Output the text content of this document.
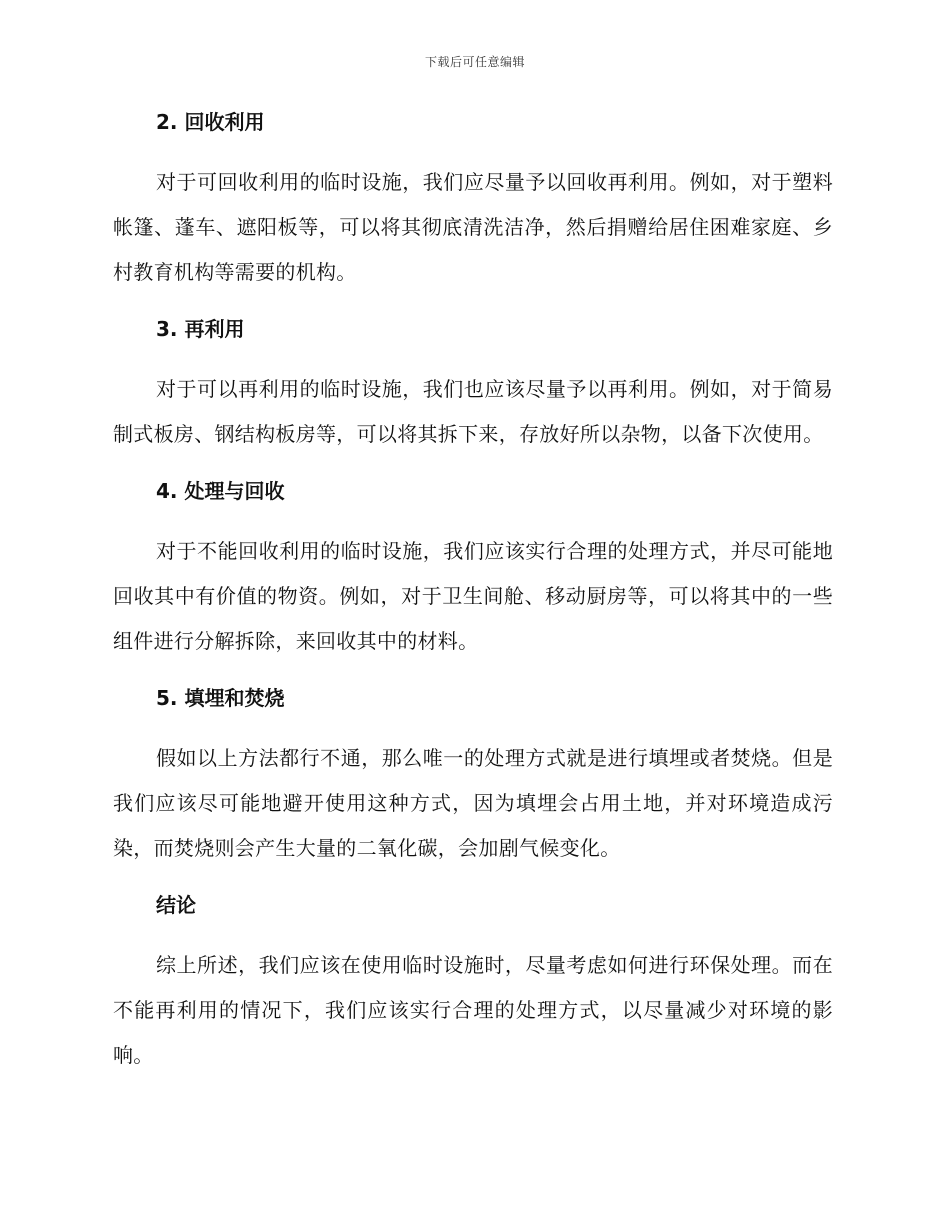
下载后可任意编辑
2. 回收利用

对于可回收利用的临时设施，我们应尽量予以回收再利用。例如，对于塑料帐篷、蓬车、遮阳板等，可以将其彻底清洗洁净，然后捐赠给居住困难家庭、乡村教育机构等需要的机构。

3. 再利用

对于可以再利用的临时设施，我们也应该尽量予以再利用。例如，对于简易制式板房、钢结构板房等，可以将其拆下来，存放好所以杂物，以备下次使用。

4. 处理与回收

对于不能回收利用的临时设施，我们应该实行合理的处理方式，并尽可能地回收其中有价值的物资。例如，对于卫生间舱、移动厨房等，可以将其中的一些组件进行分解拆除，来回收其中的材料。

5. 填埋和焚烧

假如以上方法都行不通，那么唯一的处理方式就是进行填埋或者焚烧。但是我们应该尽可能地避开使用这种方式，因为填埋会占用土地，并对环境造成污染，而焚烧则会产生大量的二氧化碳，会加剧气候变化。

结论

综上所述，我们应该在使用临时设施时，尽量考虑如何进行环保处理。而在不能再利用的情况下，我们应该实行合理的处理方式，以尽量减少对环境的影响。
